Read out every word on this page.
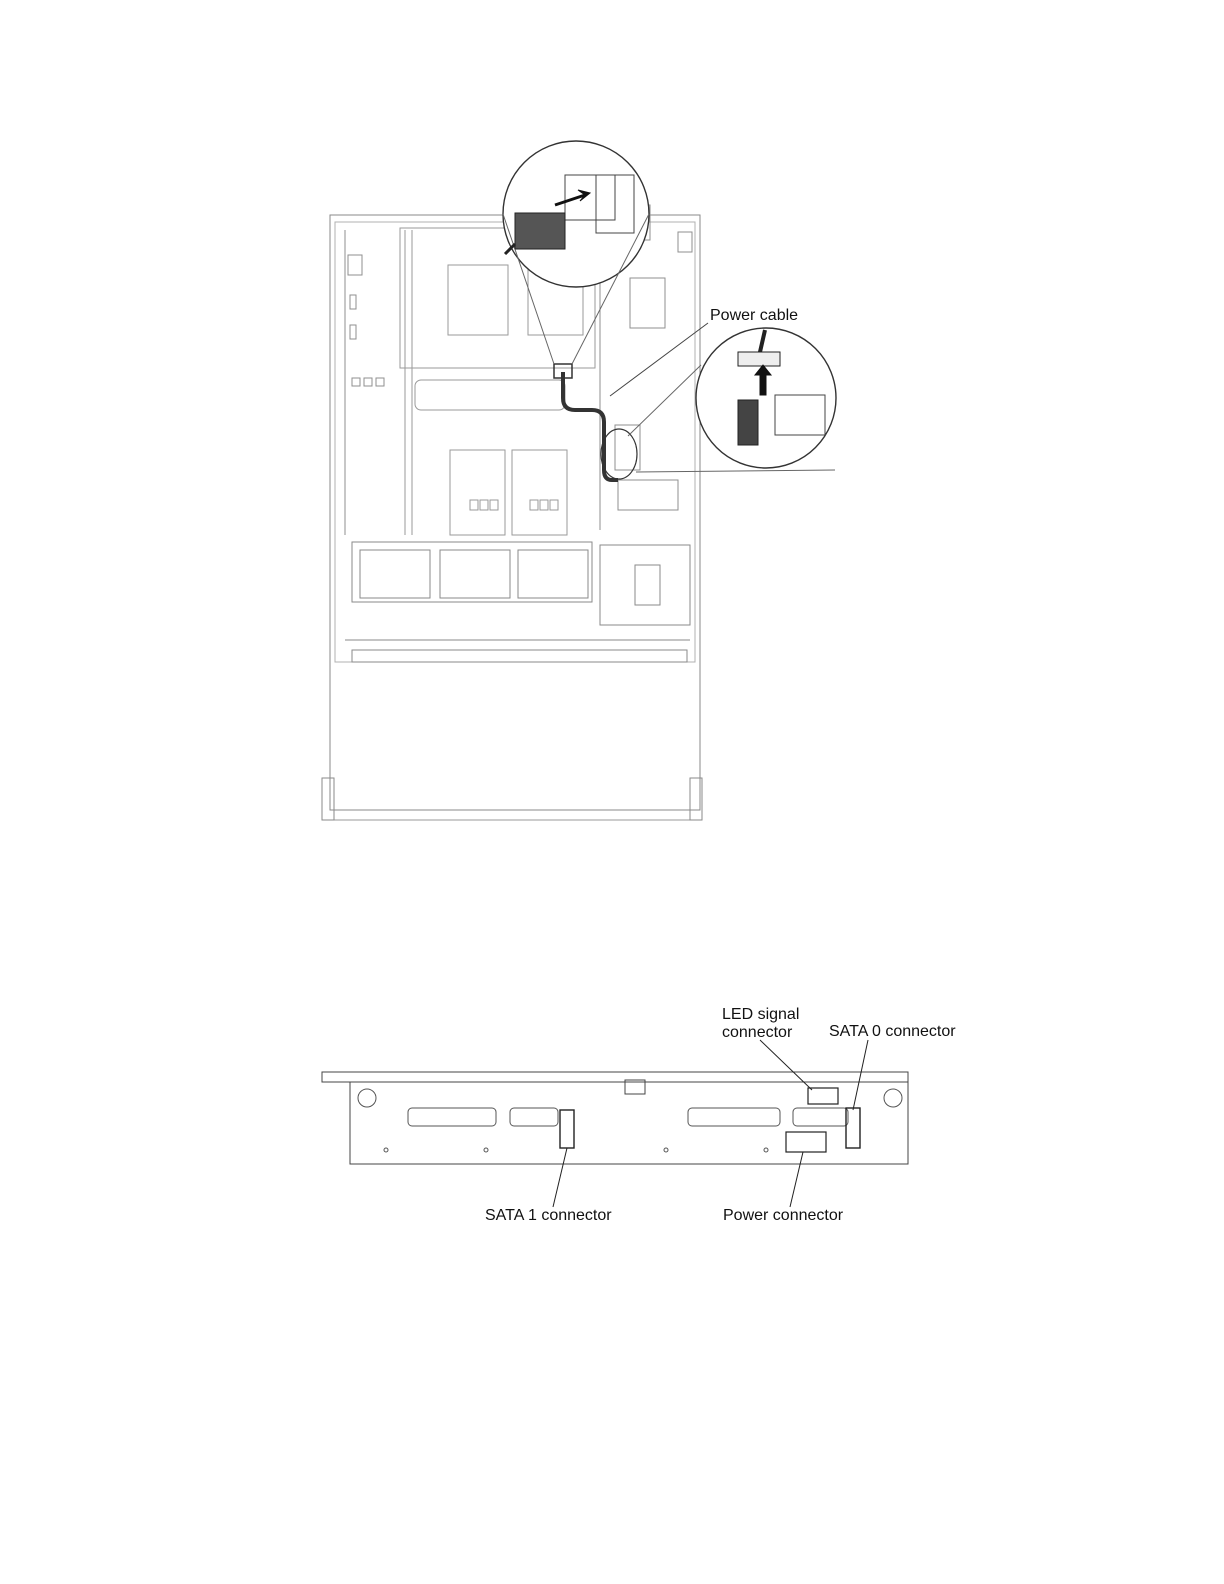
Power cable
LED signal
connector	SATA 0 connector
SATA 1 connector	Power connector
